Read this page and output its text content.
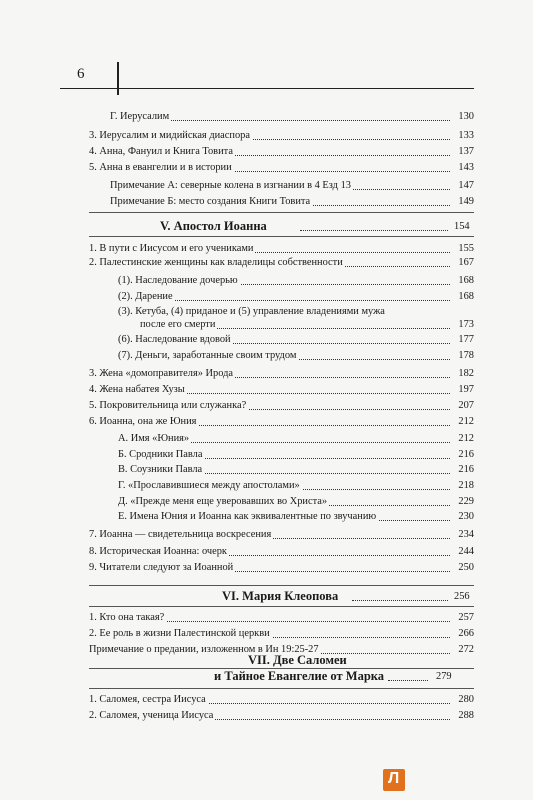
6
Г. Иерусалим	130
3. Иерусалим и мидийская диаспора	133
4. Анна, Фануил и Книга Товита	137
5. Анна в евангелии и в истории	143
Примечание А: северные колена в изгнании в 4 Езд 13	147
Примечание Б: место создания Книги Товита	149
V. Апостол Иоанна	154
1. В пути с Иисусом и его учениками	155
2. Палестинские женщины как владелицы собственности	167
(1). Наследование дочерью	168
(2). Дарение	168
(3). Кетуба, (4) приданое и (5) управление владениями мужа
после его смерти	173
(6). Наследование вдовой	177
(7). Деньги, заработанные своим трудом	178
3. Жена «домоправителя» Ирода	182
4. Жена набатея Хузы	197
5. Покровительница или служанка?	207
6. Иоанна, она же Юния	212
А. Имя «Юния»	212
Б. Сродники Павла	216
В. Соузники Павла	216
Г. «Прославившиеся между апостолами»	218
Д. «Прежде меня еще уверовавших во Христа»	229
Е. Имена Юния и Иоанна как эквивалентные по звучанию	230
7. Иоанна — свидетельница воскресения	234
8. Историческая Иоанна: очерк	244
9. Читатели следуют за Иоанной	250
VI. Мария Клеопова	256
1. Кто она такая?	257
2. Ее роль в жизни Палестинской церкви	266
Примечание о предании, изложенном в Ин 19:25-27	272
VII. Две Саломеи
и Тайное Евангелие от Марка	279
1. Саломея, сестра Иисуса	280
2. Саломея, ученица Иисуса	288
Л
